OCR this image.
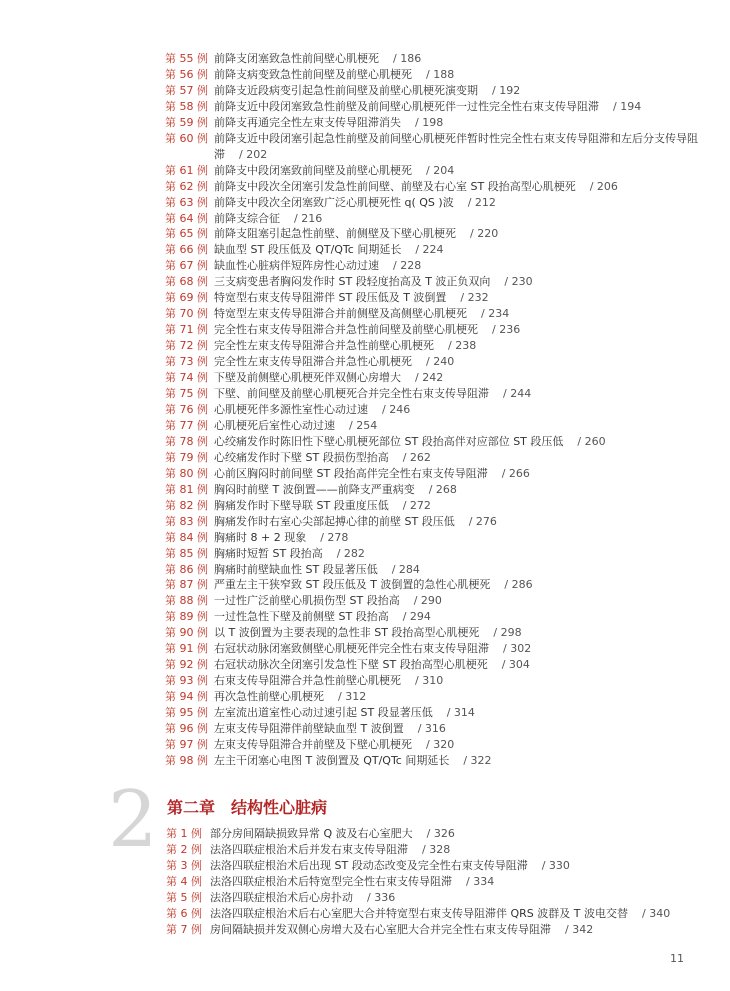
第 55 例 前降支闭塞致急性前间壁心肌梗死 / 186
第 56 例 前降支病变致急性前间壁及前壁心肌梗死 / 188
第 57 例 前降支近段病变引起急性前间壁及前壁心肌梗死演变期 / 192
第 58 例 前降支近中段闭塞致急性前壁及前间壁心肌梗死伴一过性完全性右束支传导阻滞 / 194
第 59 例 前降支再通完全性左束支传导阻滞消失 / 198
第 60 例 前降支近中段闭塞引起急性前壁及前间壁心肌梗死伴暂时性完全性右束支传导阻滞和左后分支传导阻滞 / 202
第 61 例 前降支中段闭塞致前间壁及前壁心肌梗死 / 204
第 62 例 前降支中段次全闭塞引发急性前间壁、前壁及右心室 ST 段抬高型心肌梗死 / 206
第 63 例 前降支中段次全闭塞致广泛心肌梗死性 q( QS )波 / 212
第 64 例 前降支综合征 / 216
第 65 例 前降支阻塞引起急性前壁、前侧壁及下壁心肌梗死 / 220
第 66 例 缺血型 ST 段压低及 QT/QTc 间期延长 / 224
第 67 例 缺血性心脏病伴短阵房性心动过速 / 228
第 68 例 三支病变患者胸闷发作时 ST 段轻度抬高及 T 波正负双向 / 230
第 69 例 特宽型右束支传导阻滞伴 ST 段压低及 T 波倒置 / 232
第 70 例 特宽型左束支传导阻滞合并前侧壁及高侧壁心肌梗死 / 234
第 71 例 完全性右束支传导阻滞合并急性前间壁及前壁心肌梗死 / 236
第 72 例 完全性左束支传导阻滞合并急性前壁心肌梗死 / 238
第 73 例 完全性左束支传导阻滞合并急性心肌梗死 / 240
第 74 例 下壁及前侧壁心肌梗死伴双侧心房增大 / 242
第 75 例 下壁、前间壁及前壁心肌梗死合并完全性右束支传导阻滞 / 244
第 76 例 心肌梗死伴多源性室性心动过速 / 246
第 77 例 心肌梗死后室性心动过速 / 254
第 78 例 心绞痛发作时陈旧性下壁心肌梗死部位 ST 段抬高伴对应部位 ST 段压低 / 260
第 79 例 心绞痛发作时下壁 ST 段损伤型抬高 / 262
第 80 例 心前区胸闷时前间壁 ST 段抬高伴完全性右束支传导阻滞 / 266
第 81 例 胸闷时前壁 T 波倒置——前降支严重病变 / 268
第 82 例 胸痛发作时下壁导联 ST 段重度压低 / 272
第 83 例 胸痛发作时右室心尖部起搏心律的前壁 ST 段压低 / 276
第 84 例 胸痛时 8 + 2 现象 / 278
第 85 例 胸痛时短暂 ST 段抬高 / 282
第 86 例 胸痛时前壁缺血性 ST 段显著压低 / 284
第 87 例 严重左主干狭窄致 ST 段压低及 T 波倒置的急性心肌梗死 / 286
第 88 例 一过性广泛前壁心肌损伤型 ST 段抬高 / 290
第 89 例 一过性急性下壁及前侧壁 ST 段抬高 / 294
第 90 例 以 T 波倒置为主要表现的急性非 ST 段抬高型心肌梗死 / 298
第 91 例 右冠状动脉闭塞致侧壁心肌梗死伴完全性右束支传导阻滞 / 302
第 92 例 右冠状动脉次全闭塞引发急性下壁 ST 段抬高型心肌梗死 / 304
第 93 例 右束支传导阻滞合并急性前壁心肌梗死 / 310
第 94 例 再次急性前壁心肌梗死 / 312
第 95 例 左室流出道室性心动过速引起 ST 段显著压低 / 314
第 96 例 左束支传导阻滞伴前壁缺血型 T 波倒置 / 316
第 97 例 左束支传导阻滞合并前壁及下壁心肌梗死 / 320
第 98 例 左主干闭塞心电图 T 波倒置及 QT/QTc 间期延长 / 322
2 第二章　结构性心脏病
第 1 例 部分房间隔缺损致异常 Q 波及右心室肥大 / 326
第 2 例 法洛四联症根治术后并发右束支传导阻滞 / 328
第 3 例 法洛四联症根治术后出现 ST 段动态改变及完全性右束支传导阻滞 / 330
第 4 例 法洛四联症根治术后特宽型完全性右束支传导阻滞 / 334
第 5 例 法洛四联症根治术后心房扑动 / 336
第 6 例 法洛四联症根治术后右心室肥大合并特宽型右束支传导阻滞伴 QRS 波群及 T 波电交替 / 340
第 7 例 房间隔缺损并发双侧心房增大及右心室肥大合并完全性右束支传导阻滞 / 342
11
